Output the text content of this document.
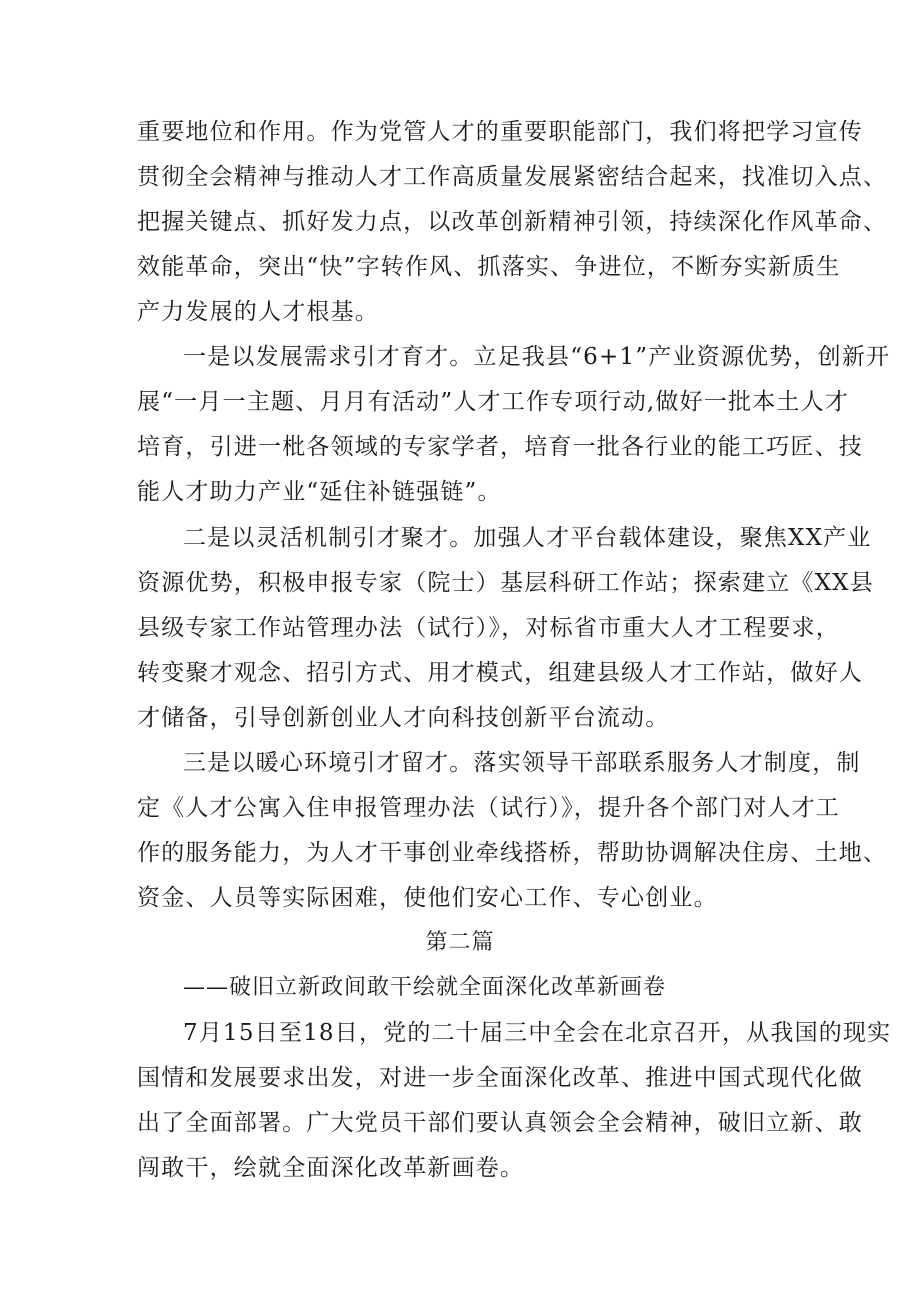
重要地位和作用。作为党管人才的重要职能部门，我们将把学习宣传

贯彻全会精神与推动人才工作高质量发展紧密结合起来，找准切入点、

把握关键点、抓好发力点，以改革创新精神引领，持续深化作风革命、

效能革命，突出“快”字转作风、抓落实、争进位，不断夯实新质生

产力发展的人才根基。

一是以发展需求引才育才。立足我县“6+1”产业资源优势，创新开

展“一月一主题、月月有活动”人才工作专项行动,做好一批本土人才

培育，引进一枇各领域的专家学者，培育一批各行业的能工巧匠、技

能人才助力产业“延住补链强链”。

二是以灵活机制引才聚才。加强人才平台载体建设，聚焦XX产业

资源优势，积极申报专家（院士）基层科研工作站；探索建立《XX县

县级专家工作站管理办法（试行）》，对标省市重大人才工程要求，

转变聚才观念、招引方式、用才模式，组建县级人才工作站，做好人

才储备，引导创新创业人才向科技创新平台流动。

三是以暖心环境引才留才。落实领导干部联系服务人才制度，制

定《人才公寓入住申报管理办法（试行）》，提升各个部门对人才工

作的服务能力，为人才干事创业牵线搭桥，帮助协调解决住房、土地、

资金、人员等实际困难，使他们安心工作、专心创业。

第二篇

——破旧立新政间敢干绘就全面深化改革新画卷

7月15日至18日，党的二十届三中全会在北京召开，从我国的现实

国情和发展要求出发，对进一步全面深化改革、推进中国式现代化做

出了全面部署。广大党员干部们要认真领会全会精神，破旧立新、敢

闯敢干，绘就全面深化改革新画卷。
